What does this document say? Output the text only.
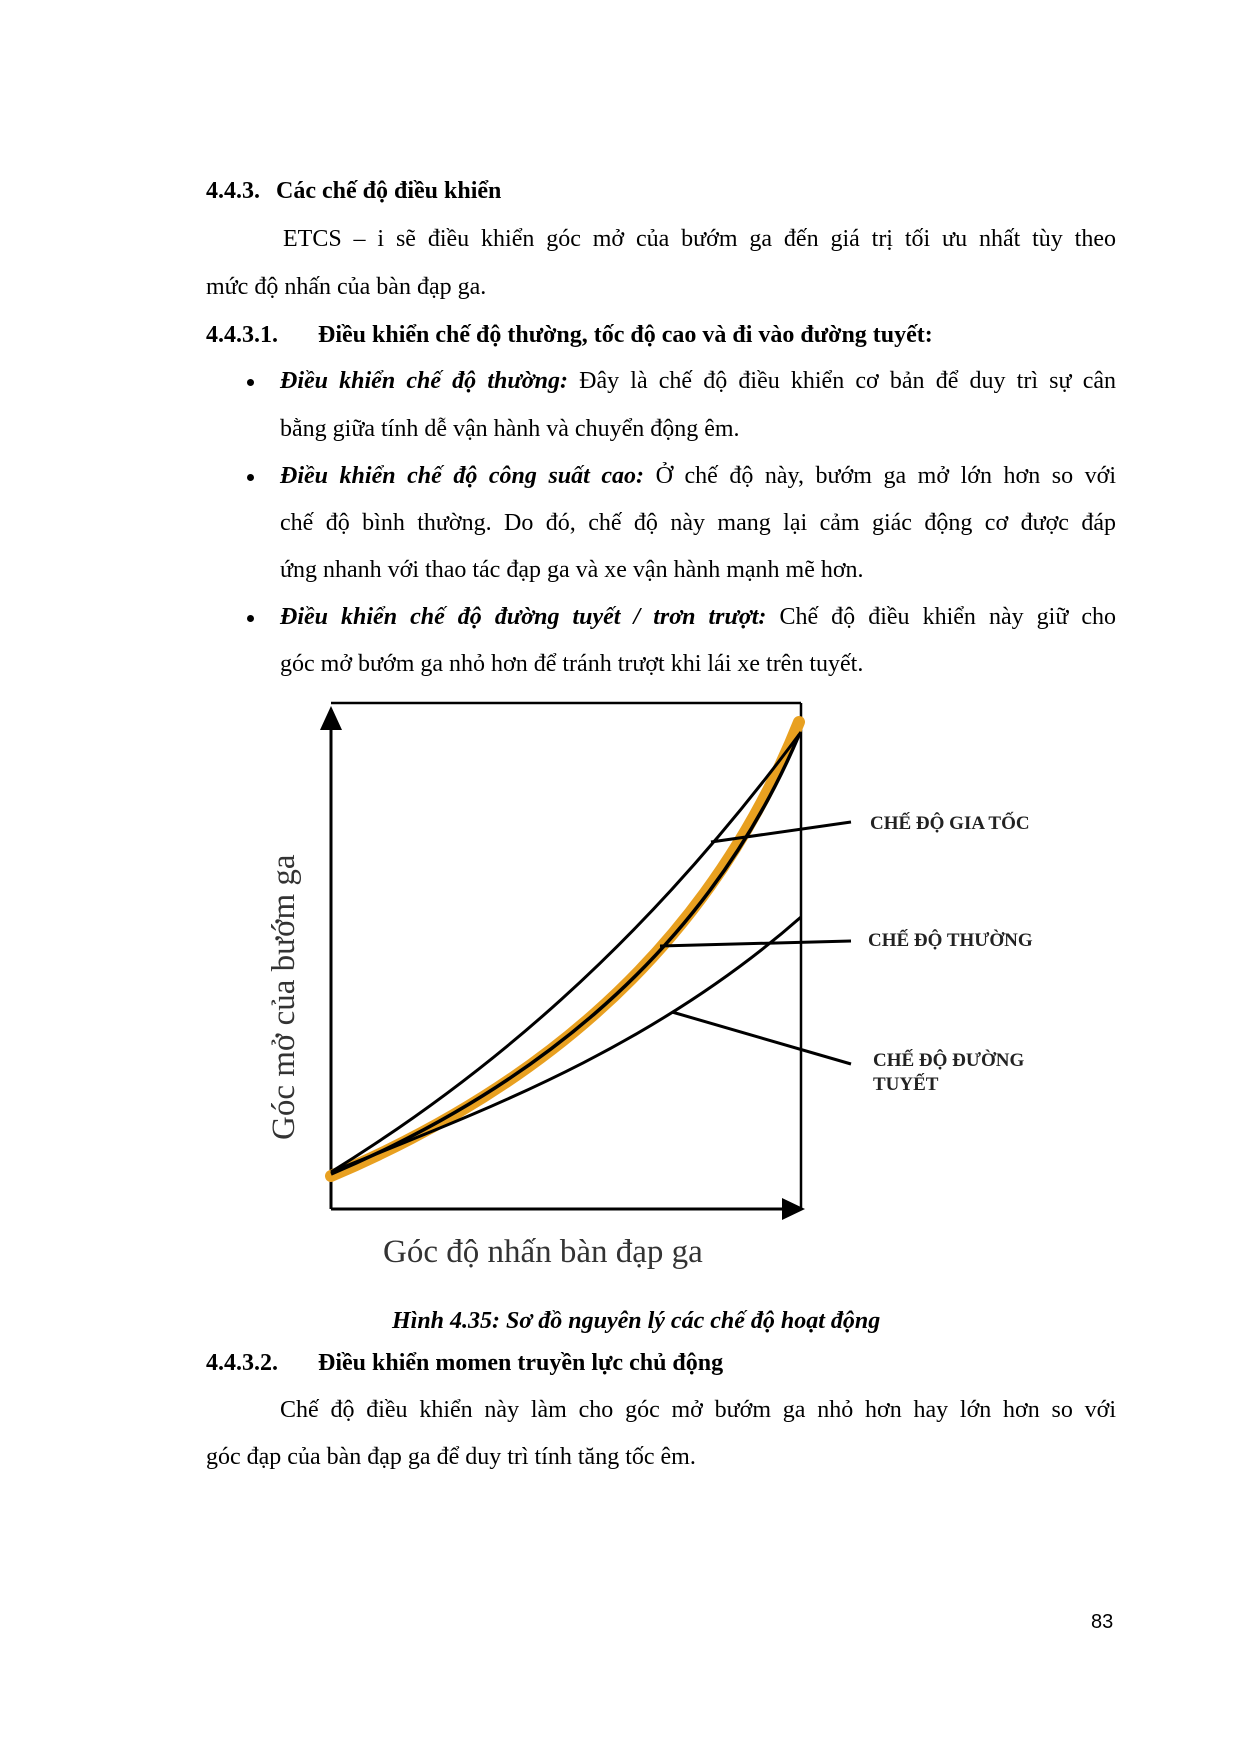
4.4.3. Các chế độ điều khiển
ETCS – i sẽ điều khiển góc mở của bướm ga đến giá trị tối ưu nhất tùy theo
mức độ nhấn của bàn đạp ga.
4.4.3.1. Điều khiển chế độ thường, tốc độ cao và đi vào đường tuyết:
Điều khiển chế độ thường: Đây là chế độ điều khiển cơ bản để duy trì sự cân
bằng giữa tính dễ vận hành và chuyển động êm.
Điều khiển chế độ công suất cao: Ở chế độ này, bướm ga mở lớn hơn so với
chế độ bình thường. Do đó, chế độ này mang lại cảm giác động cơ được đáp
ứng nhanh với thao tác đạp ga và xe vận hành mạnh mẽ hơn.
Điều khiển chế độ đường tuyết / trơn trượt: Chế độ điều khiển này giữ cho
góc mở bướm ga nhỏ hơn để tránh trượt khi lái xe trên tuyết.
CHẾ ĐỘ GIA TỐC
CHẾ ĐỘ THƯỜNG
CHẾ ĐỘ ĐƯỜNG
TUYẾT
Góc độ nhấn bàn đạp ga
Góc mở của bướm ga
Hình 4.35: Sơ đồ nguyên lý các chế độ hoạt động
4.4.3.2. Điều khiển momen truyền lực chủ động
Chế độ điều khiển này làm cho góc mở bướm ga nhỏ hơn hay lớn hơn so với
góc đạp của bàn đạp ga để duy trì tính tăng tốc êm.
83
